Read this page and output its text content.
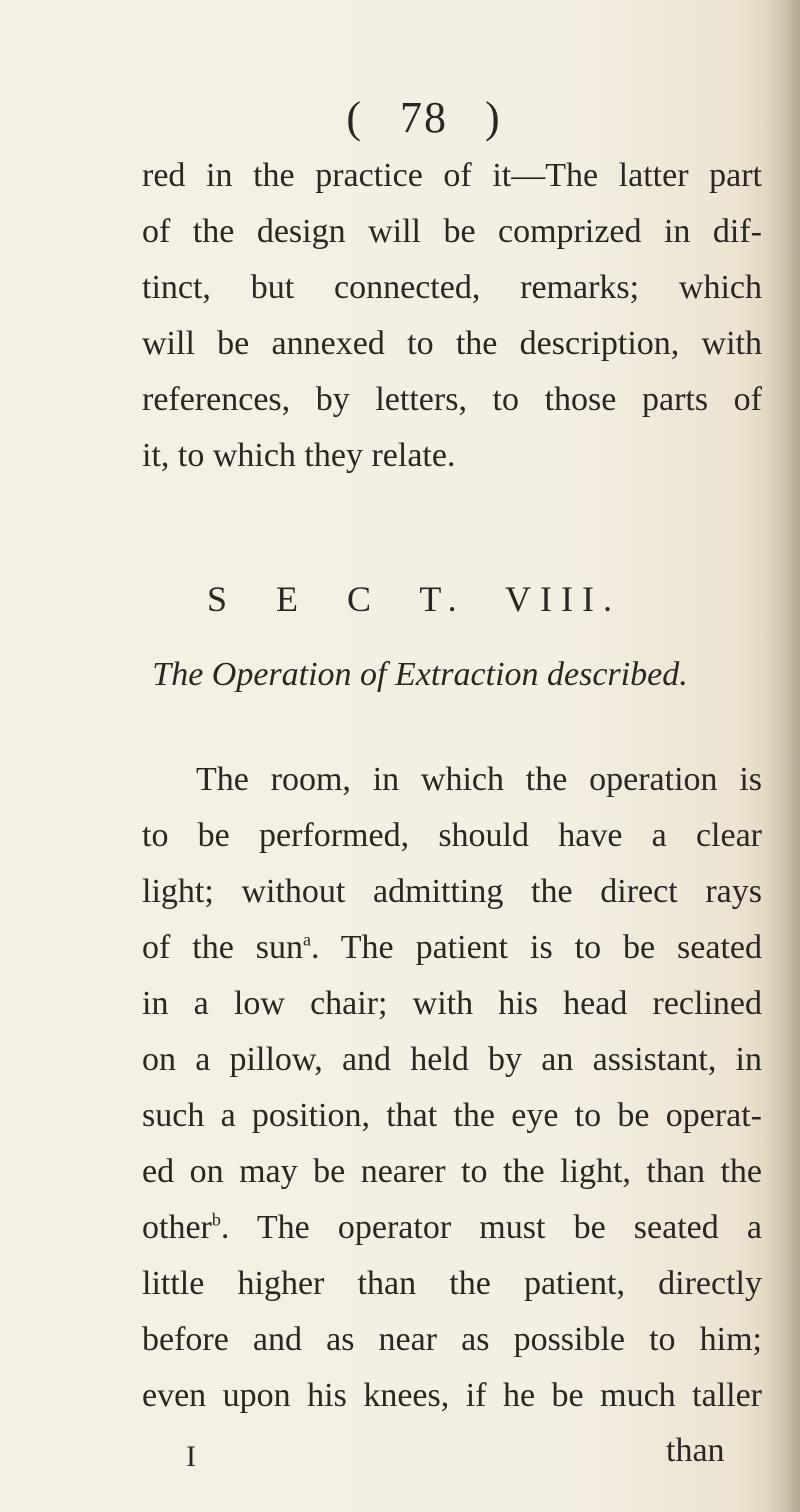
( 78 )
red in the practice of it—The latter part
of the design will be comprized in dif-
tinct, but connected, remarks; which
will be annexed to the description, with
references, by letters, to those parts of
it, to which they relate.
S E C T. VIII.
The Operation of Extraction described.
The room, in which the operation is
to be performed, should have a clear
light; without admitting the direct rays
of the sun$^a$. The patient is to be seated
in a low chair; with his head reclined
on a pillow, and held by an assistant, in
such a position, that the eye to be operat-
ed on may be nearer to the light, than the
other$^b$. The operator must be seated a
little higher than the patient, directly
before and as near as possible to him;
even upon his knees, if he be much taller
I	than
